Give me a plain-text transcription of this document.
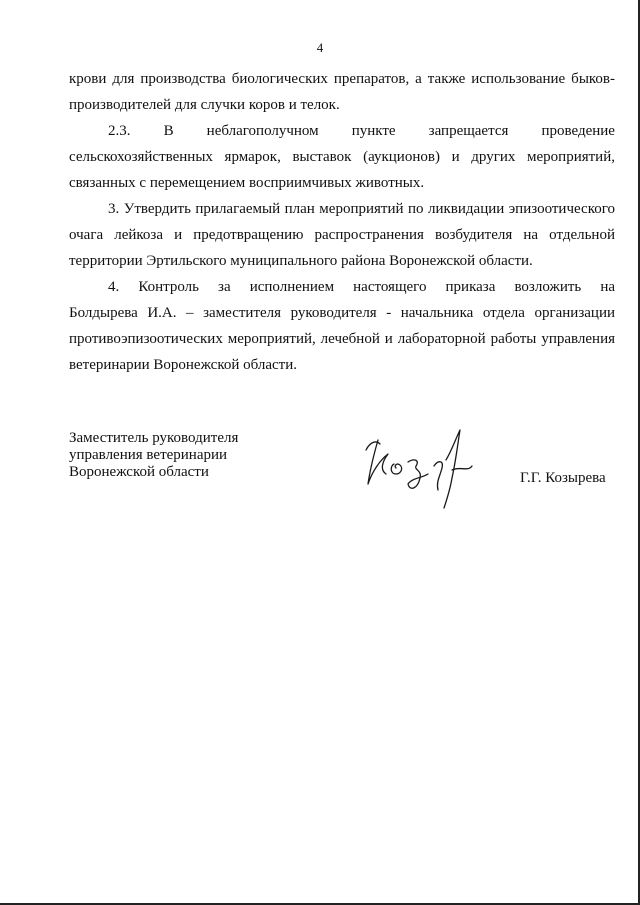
4

крови для производства биологических препаратов, а также использование быков-производителей для случки коров и телок.

2.3. В неблагополучном пункте запрещается проведение

сельскохозяйственных ярмарок, выставок (аукционов) и других мероприятий, связанных с перемещением восприимчивых животных.

3. Утвердить прилагаемый план мероприятий по ликвидации эпизоотического очага лейкоза и предотвращению распространения возбудителя на отдельной территории Эртильского муниципального района Воронежской области.

4. Контроль за исполнением настоящего приказа возложить на

Болдырева И.А. – заместителя руководителя - начальника отдела организации противоэпизоотических мероприятий, лечебной и лабораторной работы управления ветеринарии Воронежской области.

Заместитель руководителя
управления ветеринарии
Воронежской области	Г.Г. Козырева
